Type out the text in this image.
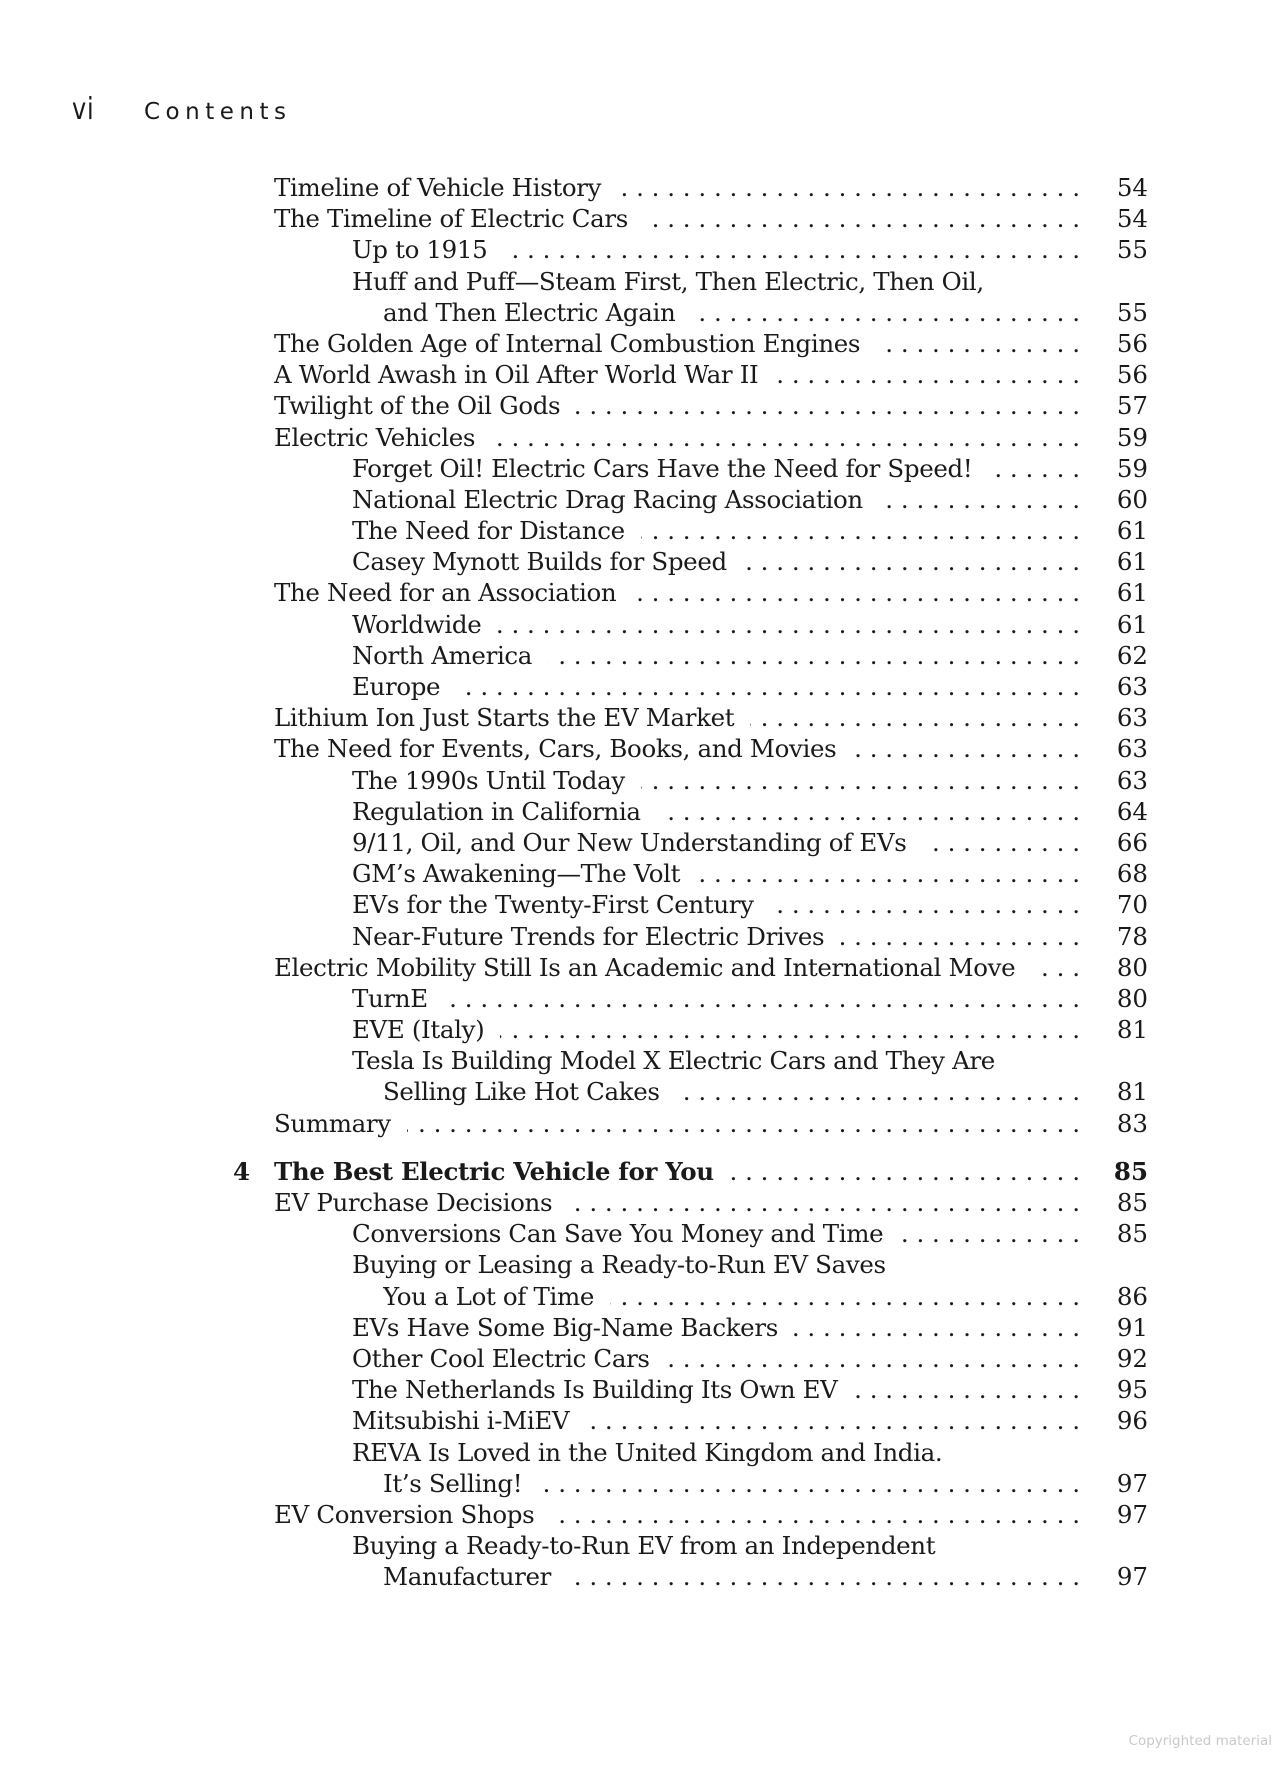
vi	Contents
Timeline of Vehicle History . . .	54
The Timeline of Electric Cars . . .	54
Up to 1915 . . .	55
Huff and Puff—Steam First, Then Electric, Then Oil,
and Then Electric Again . . .	55
The Golden Age of Internal Combustion Engines . . .	56
A World Awash in Oil After World War II . . .	56
Twilight of the Oil Gods . . .	57
Electric Vehicles . . .	59
Forget Oil! Electric Cars Have the Need for Speed! . . .	59
National Electric Drag Racing Association . . .	60
The Need for Distance . . .	61
Casey Mynott Builds for Speed . . .	61
The Need for an Association . . .	61
Worldwide . . .	61
North America . . .	62
Europe . . .	63
Lithium Ion Just Starts the EV Market . . .	63
The Need for Events, Cars, Books, and Movies . . .	63
The 1990s Until Today . . .	63
Regulation in California . . .	64
9/11, Oil, and Our New Understanding of EVs . . .	66
GM’s Awakening—The Volt . . .	68
EVs for the Twenty-First Century . . .	70
Near-Future Trends for Electric Drives . . .	78
Electric Mobility Still Is an Academic and International Move . . .	80
TurnE . . .	80
EVE (Italy) . . .	81
Tesla Is Building Model X Electric Cars and They Are
Selling Like Hot Cakes . . .	81
Summary . . .	83
4 The Best Electric Vehicle for You . . .	85
EV Purchase Decisions . . .	85
Conversions Can Save You Money and Time . . .	85
Buying or Leasing a Ready-to-Run EV Saves
You a Lot of Time . . .	86
EVs Have Some Big-Name Backers . . .	91
Other Cool Electric Cars . . .	92
The Netherlands Is Building Its Own EV . . .	95
Mitsubishi i-MiEV . . .	96
REVA Is Loved in the United Kingdom and India.
It’s Selling! . . .	97
EV Conversion Shops . . .	97
Buying a Ready-to-Run EV from an Independent
Manufacturer . . .	97
Copyrighted material
